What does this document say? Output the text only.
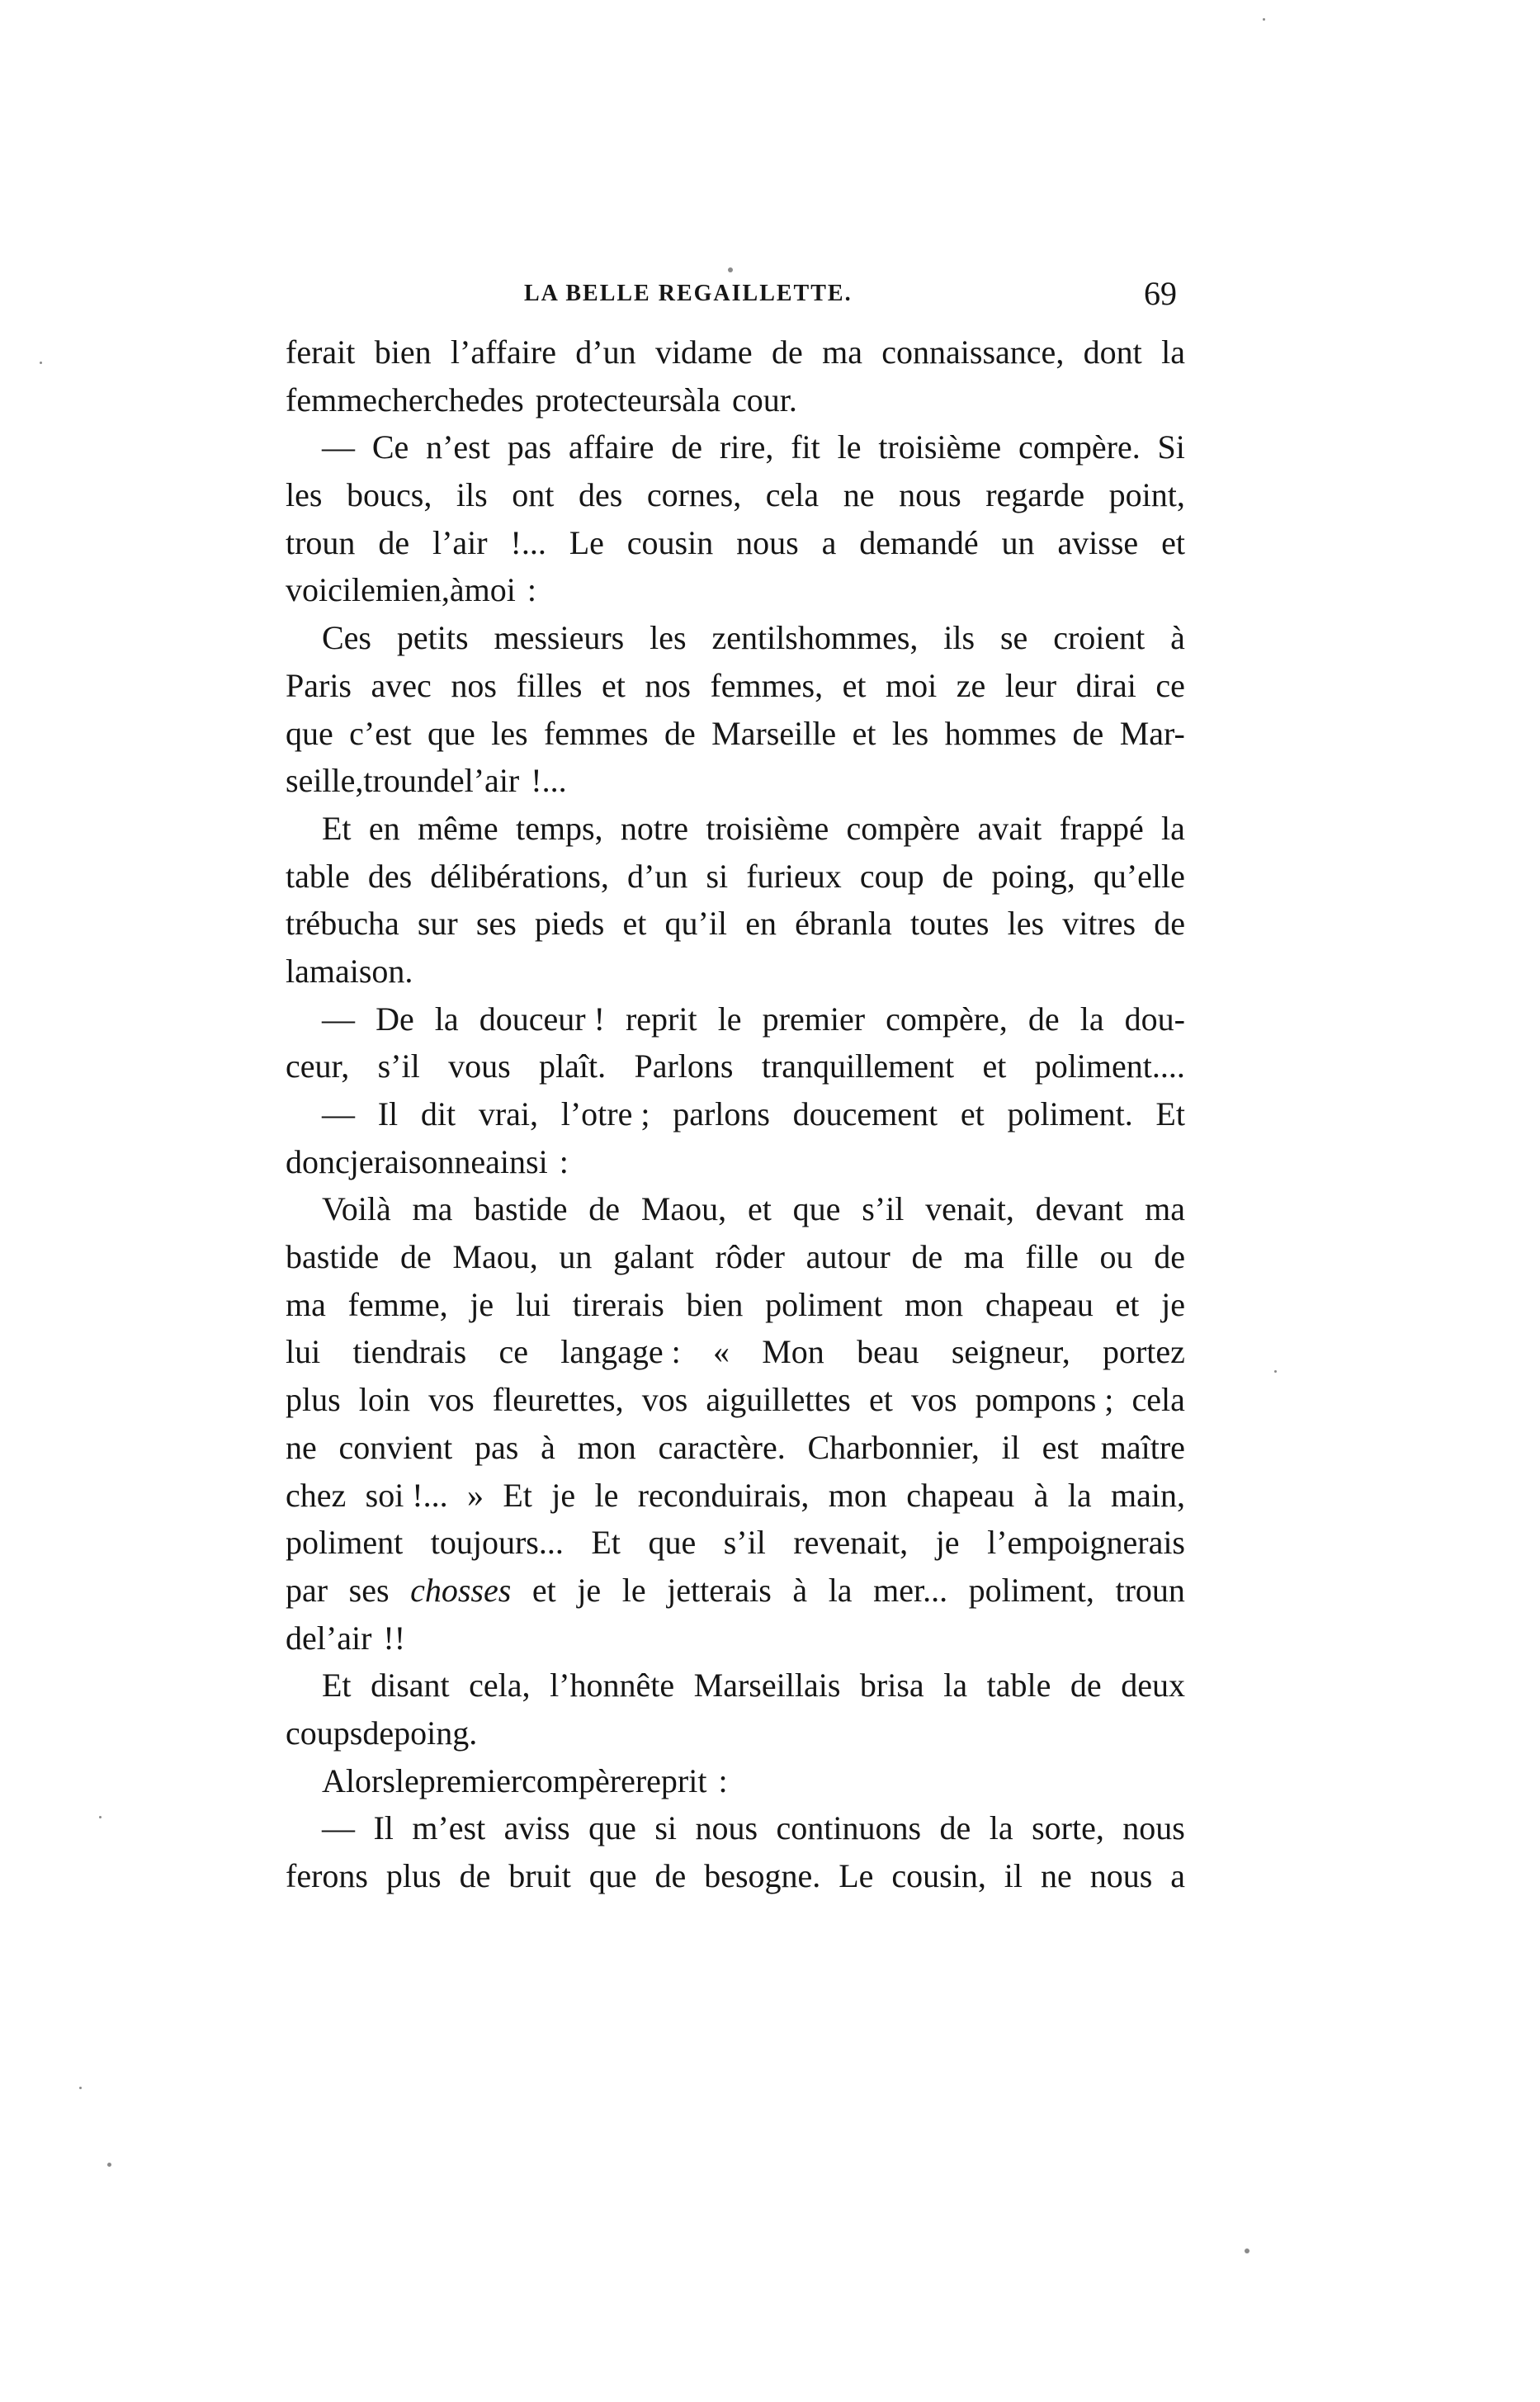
LA BELLE REGAILLETTE.	69
ferait bien l’affaire d’un vidame de ma connaissance, dont la
femme cherche des protecteurs à la cour.
— Ce n’est pas affaire de rire, fit le troisième compère. Si
les boucs, ils ont des cornes, cela ne nous regarde point,
troun de l’air !... Le cousin nous a demandé un avisse et
voici le mien, à moi :
Ces petits messieurs les zentilshommes, ils se croient à
Paris avec nos filles et nos femmes, et moi ze leur dirai ce
que c’est que les femmes de Marseille et les hommes de Mar-
seille, troun de l’air !...
Et en même temps, notre troisième compère avait frappé la
table des délibérations, d’un si furieux coup de poing, qu’elle
trébucha sur ses pieds et qu’il en ébranla toutes les vitres de
la maison.
— De la douceur ! reprit le premier compère, de la dou-
ceur, s’il vous plaît. Parlons tranquillement et poliment....
— Il dit vrai, l’otre ; parlons doucement et poliment. Et
donc je raisonne ainsi :
Voilà ma bastide de Maou, et que s’il venait, devant ma
bastide de Maou, un galant rôder autour de ma fille ou de
ma femme, je lui tirerais bien poliment mon chapeau et je
lui tiendrais ce langage : « Mon beau seigneur, portez
plus loin vos fleurettes, vos aiguillettes et vos pompons ; cela
ne convient pas à mon caractère. Charbonnier, il est maître
chez soi !... » Et je le reconduirais, mon chapeau à la main,
poliment toujours... Et que s’il revenait, je l’empoignerais
par ses chosses et je le jetterais à la mer... poliment, troun
de l’air !!
Et disant cela, l’honnête Marseillais brisa la table de deux
coups de poing.
Alors le premier compère reprit :
— Il m’est aviss que si nous continuons de la sorte, nous
ferons plus de bruit que de besogne. Le cousin, il ne nous a
